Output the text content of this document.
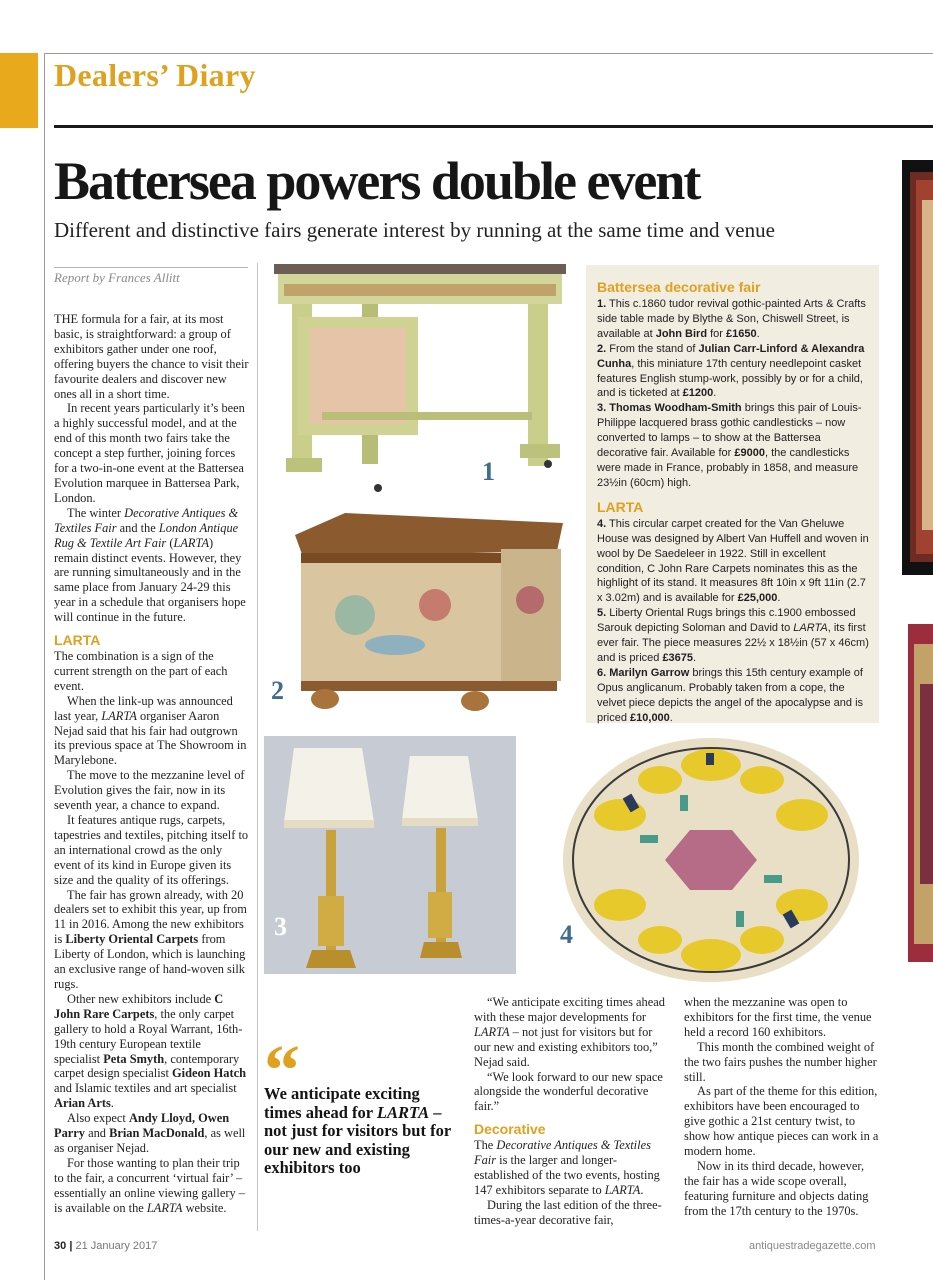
Dealers’ Diary
Battersea powers double event
Different and distinctive fairs generate interest by running at the same time and venue
Report by Frances Allitt

THE formula for a fair, at its most basic, is straightforward: a group of exhibitors gather under one roof, offering buyers the chance to visit their favourite dealers and discover new ones all in a short time.

In recent years particularly it’s been a highly successful model, and at the end of this month two fairs take the concept a step further, joining forces for a two-in-one event at the Battersea Evolution marquee in Battersea Park, London.

The winter Decorative Antiques & Textiles Fair and the London Antique Rug & Textile Art Fair (LARTA) remain distinct events. However, they are running simultaneously and in the same place from January 24-29 this year in a schedule that organisers hope will continue in the future.

LARTA

The combination is a sign of the current strength on the part of each event.

When the link-up was announced last year, LARTA organiser Aaron Nejad said that his fair had outgrown its previous space at The Showroom in Marylebone.

The move to the mezzanine level of Evolution gives the fair, now in its seventh year, a chance to expand.

It features antique rugs, carpets, tapestries and textiles, pitching itself to an international crowd as the only event of its kind in Europe given its size and the quality of its offerings.

The fair has grown already, with 20 dealers set to exhibit this year, up from 11 in 2016. Among the new exhibitors is Liberty Oriental Carpets from Liberty of London, which is launching an exclusive range of hand-woven silk rugs.

Other new exhibitors include C John Rare Carpets, the only carpet gallery to hold a Royal Warrant, 16th-19th century European textile specialist Peta Smyth, contemporary carpet design specialist Gideon Hatch and Islamic textiles and art specialist Arian Arts.

Also expect Andy Lloyd, Owen Parry and Brian MacDonald, as well as organiser Nejad.

For those wanting to plan their trip to the fair, a concurrent ‘virtual fair’ – essentially an online viewing gallery – is available on the LARTA website.

1
2
3	4
Battersea decorative fair

1. This c.1860 tudor revival gothic-painted Arts & Crafts side table made by Blythe & Son, Chiswell Street, is available at John Bird for £1650.

2. From the stand of Julian Carr-Linford & Alexandra Cunha, this miniature 17th century needlepoint casket features English stump-work, possibly by or for a child, and is ticketed at £1200.

3. Thomas Woodham-Smith brings this pair of Louis-Philippe lacquered brass gothic candlesticks – now converted to lamps – to show at the Battersea decorative fair. Available for £9000, the candlesticks were made in France, probably in 1858, and measure 23½in (60cm) high.

LARTA

4. This circular carpet created for the Van Gheluwe House was designed by Albert Van Huffell and woven in wool by De Saedeleer in 1922. Still in excellent condition, C John Rare Carpets nominates this as the highlight of its stand. It measures 8ft 10in x 9ft 11in (2.7 x 3.02m) and is available for £25,000.

5. Liberty Oriental Rugs brings this c.1900 embossed Sarouk depicting Soloman and David to LARTA, its first ever fair. The piece measures 22½ x 18½in (57 x 46cm) and is priced £3675.

6. Marilyn Garrow brings this 15th century example of Opus anglicanum. Probably taken from a cope, the velvet piece depicts the angel of the apocalypse and is priced £10,000.

“
We anticipate exciting times ahead for LARTA – not just for visitors but for our new and existing exhibitors too

“We anticipate exciting times ahead with these major developments for LARTA – not just for visitors but for our new and existing exhibitors too,” Nejad said.

“We look forward to our new space alongside the wonderful decorative fair.”

Decorative

The Decorative Antiques & Textiles Fair is the larger and longer-established of the two events, hosting 147 exhibitors separate to LARTA.

During the last edition of the three-times-a-year decorative fair,

when the mezzanine was open to exhibitors for the first time, the venue held a record 160 exhibitors.

This month the combined weight of the two fairs pushes the number higher still.

As part of the theme for this edition, exhibitors have been encouraged to give gothic a 21st century twist, to show how antique pieces can work in a modern home.

Now in its third decade, however, the fair has a wide scope overall, featuring furniture and objects dating from the 17th century to the 1970s.

30 | 21 January 2017	antiquestradegazette.com
